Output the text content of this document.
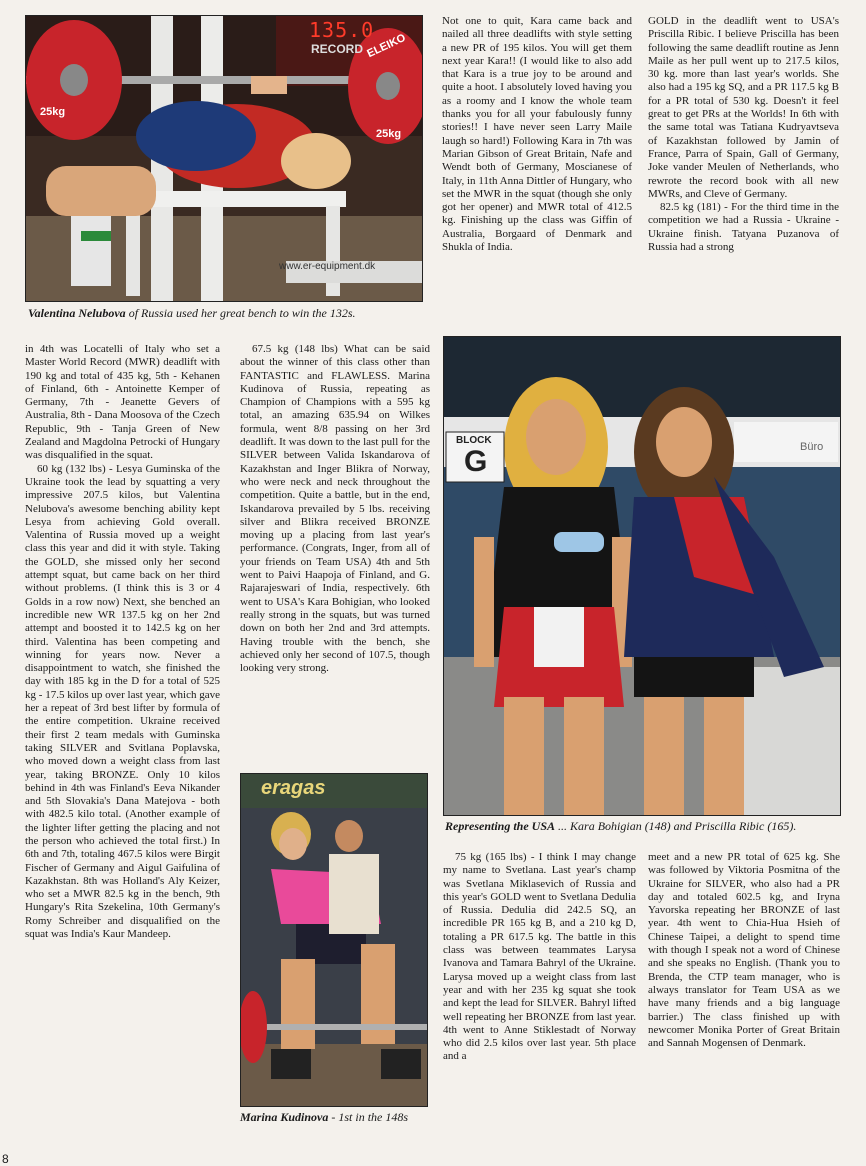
135.0
RECORD ELEIKO
25kg
25kg
www.er-equipment.dk
Valentina Nelubova of Russia used her great bench to win the 132s.

Not one to quit, Kara came back and nailed all three deadlifts with style setting a new PR of 195 kilos. You will get them next year Kara!! (I would like to also add that Kara is a true joy to be around and quite a hoot. I absolutely loved having you as a roomy and I know the whole team thanks you for all your fabulously funny stories!! I have never seen Larry Maile laugh so hard!) Following Kara in 7th was Marian Gibson of Great Britain, Nafe and Wendt both of Germany, Moscianese of Italy, in 11th Anna Dittler of Hungary, who set the MWR in the squat (though she only got her opener) and MWR total of 412.5 kg. Finishing up the class was Giffin of Australia, Borgaard of Denmark and Shukla of India.

GOLD in the deadlift went to USA's Priscilla Ribic. I believe Priscilla has been following the same deadlift routine as Jenn Maile as her pull went up to 217.5 kilos, 30 kg. more than last year's worlds. She also had a 195 kg SQ, and a PR 117.5 kg B for a PR total of 530 kg. Doesn't it feel great to get PRs at the Worlds! In 6th with the same total was Tatiana Kudryavtseva of Kazakhstan followed by Jamin of France, Parra of Spain, Gall of Germany, Joke vander Meulen of Netherlands, who rewrote the record book with all new MWRs, and Cleve of Germany.

82.5 kg (181) - For the third time in the competition we had a Russia - Ukraine - Ukraine finish. Tatyana Puzanova of Russia had a strong

in 4th was Locatelli of Italy who set a Master World Record (MWR) deadlift with 190 kg and total of 435 kg, 5th - Kehanen of Finland, 6th - Antoinette Kemper of Germany, 7th - Jeanette Gevers of Australia, 8th - Dana Moosova of the Czech Republic, 9th - Tanja Green of New Zealand and Magdolna Petrocki of Hungary was disqualified in the squat.

60 kg (132 lbs) - Lesya Guminska of the Ukraine took the lead by squatting a very impressive 207.5 kilos, but Valentina Nelubova's awesome benching ability kept Lesya from achieving Gold overall. Valentina of Russia moved up a weight class this year and did it with style. Taking the GOLD, she missed only her second attempt squat, but came back on her third without problems. (I think this is 3 or 4 Golds in a row now) Next, she benched an incredible new WR 137.5 kg on her 2nd attempt and boosted it to 142.5 kg on her third. Valentina has been competing and winning for years now. Never a disappointment to watch, she finished the day with 185 kg in the D for a total of 525 kg - 17.5 kilos up over last year, which gave her a repeat of 3rd best lifter by formula of the entire competition. Ukraine received their first 2 team medals with Guminska taking SILVER and Svitlana Poplavska, who moved down a weight class from last year, taking BRONZE. Only 10 kilos behind in 4th was Finland's Eeva Nikander and 5th Slovakia's Dana Matejova - both with 482.5 kilo total. (Another example of the lighter lifter getting the placing and not the person who achieved the total first.) In 6th and 7th, totaling 467.5 kilos were Birgit Fischer of Germany and Aigul Gaifulina of Kazakhstan. 8th was Holland's Aly Keizer, who set a MWR 82.5 kg in the bench, 9th Hungary's Rita Szekelina, 10th Germany's Romy Schreiber and disqualified on the squat was India's Kaur Mandeep.

67.5 kg (148 lbs) What can be said about the winner of this class other than FANTASTIC and FLAWLESS. Marina Kudinova of Russia, repeating as Champion of Champions with a 595 kg total, an amazing 635.94 on Wilkes formula, went 8/8 passing on her 3rd deadlift. It was down to the last pull for the SILVER between Valida Iskandarova of Kazakhstan and Inger Blikra of Norway, who were neck and neck throughout the competition. Quite a battle, but in the end, Iskandarova prevailed by 5 lbs. receiving silver and Blikra received BRONZE moving up a placing from last year's performance. (Congrats, Inger, from all of your friends on Team USA) 4th and 5th went to Paivi Haapoja of Finland, and G. Rajarajeswari of India, respectively. 6th went to USA's Kara Bohigian, who looked really strong in the squats, but was turned down on both her 2nd and 3rd attempts. Having trouble with the bench, she achieved only her second of 107.5, though looking very strong.

BLOCK
G	Büro
Representing the USA ... Kara Bohigian (148) and Priscilla Ribic (165).
eragas
Marina Kudinova - 1st in the 148s

75 kg (165 lbs) - I think I may change my name to Svetlana. Last year's champ was Svetlana Miklasevich of Russia and this year's GOLD went to Svetlana Dedulia of Russia. Dedulia did 242.5 SQ, an incredible PR 165 kg B, and a 210 kg D, totaling a PR 617.5 kg. The battle in this class was between teammates Larysa Ivanova and Tamara Bahryl of the Ukraine. Larysa moved up a weight class from last year and with her 235 kg squat she took and kept the lead for SILVER. Bahryl lifted well repeating her BRONZE from last year. 4th went to Anne Stiklestadt of Norway who did 2.5 kilos over last year. 5th place and a

meet and a new PR total of 625 kg. She was followed by Viktoria Posmitna of the Ukraine for SILVER, who also had a PR day and totaled 602.5 kg, and Iryna Yavorska repeating her BRONZE of last year. 4th went to Chia-Hua Hsieh of Chinese Taipei, a delight to spend time with though I speak not a word of Chinese and she speaks no English. (Thank you to Brenda, the CTP team manager, who is always translator for Team USA as we have many friends and a big language barrier.) The class finished up with newcomer Monika Porter of Great Britain and Sannah Mogensen of Denmark.

8
